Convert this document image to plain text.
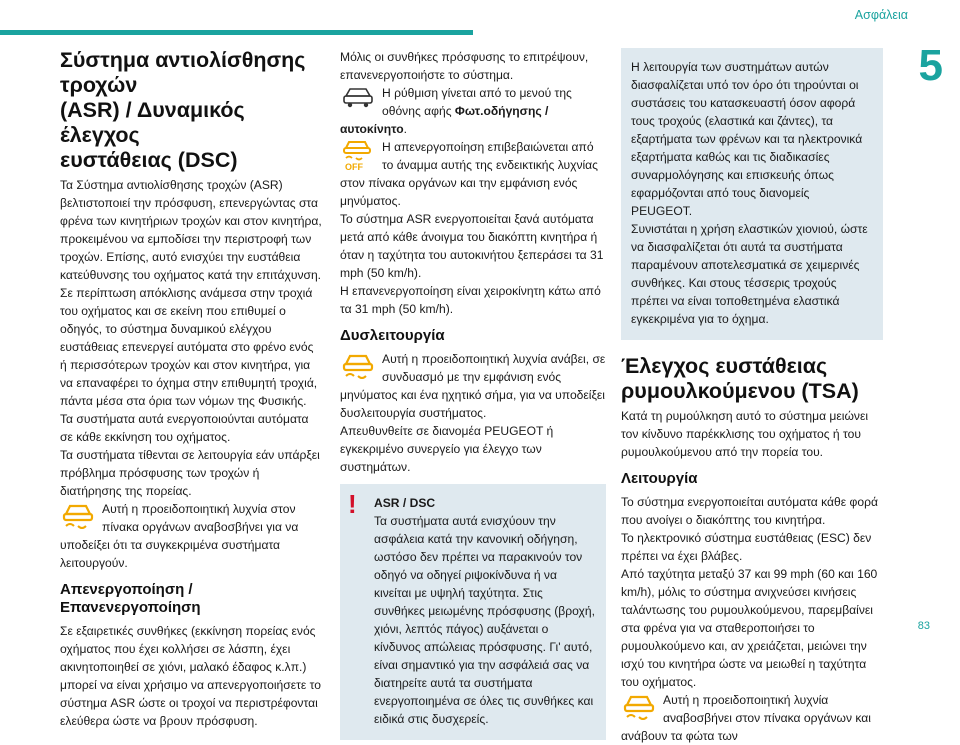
Ασφάλεια
5
83
Σύστημα αντιολίσθησης τροχών
(ASR) / Δυναμικός έλεγχος
ευστάθειας (DSC)

Τα Σύστημα αντιολίσθησης τροχών (ASR) βελτιστοποιεί την πρόσφυση, επενεργώντας στα φρένα των κινητήριων τροχών και στον κινητήρα, προκειμένου να εμποδίσει την περιστροφή των τροχών. Επίσης, αυτό ενισχύει την ευστάθεια κατεύθυνσης του οχήματος κατά την επιτάχυνση.

Σε περίπτωση απόκλισης ανάμεσα στην τροχιά του οχήματος και σε εκείνη που επιθυμεί ο οδηγός, το σύστημα δυναμικού ελέγχου ευστάθειας επενεργεί αυτόματα στο φρένο ενός ή περισσότερων τροχών και στον κινητήρα, για να επαναφέρει το όχημα στην επιθυμητή τροχιά, πάντα μέσα στα όρια των νόμων της Φυσικής.

Τα συστήματα αυτά ενεργοποιούνται αυτόματα σε κάθε εκκίνηση του οχήματος.

Τα συστήματα τίθενται σε λειτουργία εάν υπάρξει πρόβλημα πρόσφυσης των τροχών ή διατήρησης της πορείας.

Αυτή η προειδοποιητική λυχνία στον πίνακα οργάνων αναβοσβήνει για να υποδείξει ότι τα συγκεκριμένα συστήματα λειτουργούν.

Απενεργοποίηση / Επανενεργοποίηση

Σε εξαιρετικές συνθήκες (εκκίνηση πορείας ενός οχήματος που έχει κολλήσει σε λάσπη, έχει ακινητοποιηθεί σε χιόνι, μαλακό έδαφος κ.λπ.) μπορεί να είναι χρήσιμο να απενεργοποιήσετε το σύστημα ASR ώστε οι τροχοί να περιστρέφονται ελεύθερα ώστε να βρουν πρόσφυση.

Μόλις οι συνθήκες πρόσφυσης το επιτρέψουν, επανενεργοποιήστε το σύστημα.

Η ρύθμιση γίνεται από το μενού της οθόνης αφής Φωτ.οδήγησης / αυτοκίνητο.

OFF

Η απενεργοποίηση επιβεβαιώνεται από το άναμμα αυτής της ενδεικτικής λυχνίας στον πίνακα οργάνων και την εμφάνιση ενός μηνύματος.

Το σύστημα ASR ενεργοποιείται ξανά αυτόματα μετά από κάθε άνοιγμα του διακόπτη κινητήρα ή όταν η ταχύτητα του αυτοκινήτου ξεπεράσει τα 31 mph (50 km/h).

Η επανενεργοποίηση είναι χειροκίνητη κάτω από τα 31 mph (50 km/h).

Δυσλειτουργία

Αυτή η προειδοποιητική λυχνία ανάβει, σε συνδυασμό με την εμφάνιση ενός μηνύματος και ένα ηχητικό σήμα, για να υποδείξει δυσλειτουργία συστήματος.

Απευθυνθείτε σε διανομέα PEUGEOT ή εγκεκριμένο συνεργείο για έλεγχο των συστημάτων.

! ASR / DSC
Τα συστήματα αυτά ενισχύουν την ασφάλεια κατά την κανονική οδήγηση, ωστόσο δεν πρέπει να παρακινούν τον οδηγό να οδηγεί ριψοκίνδυνα ή να κινείται με υψηλή ταχύτητα. Στις συνθήκες μειωμένης πρόσφυσης (βροχή, χιόνι, λεπτός πάγος) αυξάνεται ο κίνδυνος απώλειας πρόσφυσης. Γι' αυτό, είναι σημαντικό για την ασφάλειά σας να διατηρείτε αυτά τα συστήματα ενεργοποιημένα σε όλες τις συνθήκες και ειδικά στις δυσχερείς.

Η λειτουργία των συστημάτων αυτών διασφαλίζεται υπό τον όρο ότι τηρούνται οι συστάσεις του κατασκευαστή όσον αφορά τους τροχούς (ελαστικά και ζάντες), τα εξαρτήματα των φρένων και τα ηλεκτρονικά εξαρτήματα καθώς και τις διαδικασίες συναρμολόγησης και επισκευής όπως εφαρμόζονται από τους διανομείς PEUGEOT.

Συνιστάται η χρήση ελαστικών χιονιού, ώστε να διασφαλίζεται ότι αυτά τα συστήματα παραμένουν αποτελεσματικά σε χειμερινές συνθήκες. Και στους τέσσερις τροχούς πρέπει να είναι τοποθετημένα ελαστικά εγκεκριμένα για το όχημα.

Έλεγχος ευστάθειας
ρυμουλκούμενου (TSA)

Κατά τη ρυμούλκηση αυτό το σύστημα μειώνει τον κίνδυνο παρέκκλισης του οχήματος ή του ρυμουλκούμενου από την πορεία του.

Λειτουργία

Το σύστημα ενεργοποιείται αυτόματα κάθε φορά που ανοίγει ο διακόπτης του κινητήρα.

Το ηλεκτρονικό σύστημα ευστάθειας (ESC) δεν πρέπει να έχει βλάβες.

Από ταχύτητα μεταξύ 37 και 99 mph (60 και 160 km/h), μόλις το σύστημα ανιχνεύσει κινήσεις ταλάντωσης του ρυμουλκούμενου, παρεμβαίνει στα φρένα για να σταθεροποιήσει το ρυμουλκούμενο και, αν χρειάζεται, μειώνει την ισχύ του κινητήρα ώστε να μειωθεί η ταχύτητα του οχήματος.

Αυτή η προειδοποιητική λυχνία αναβοσβήνει στον πίνακα οργάνων και ανάβουν τα φώτα των
